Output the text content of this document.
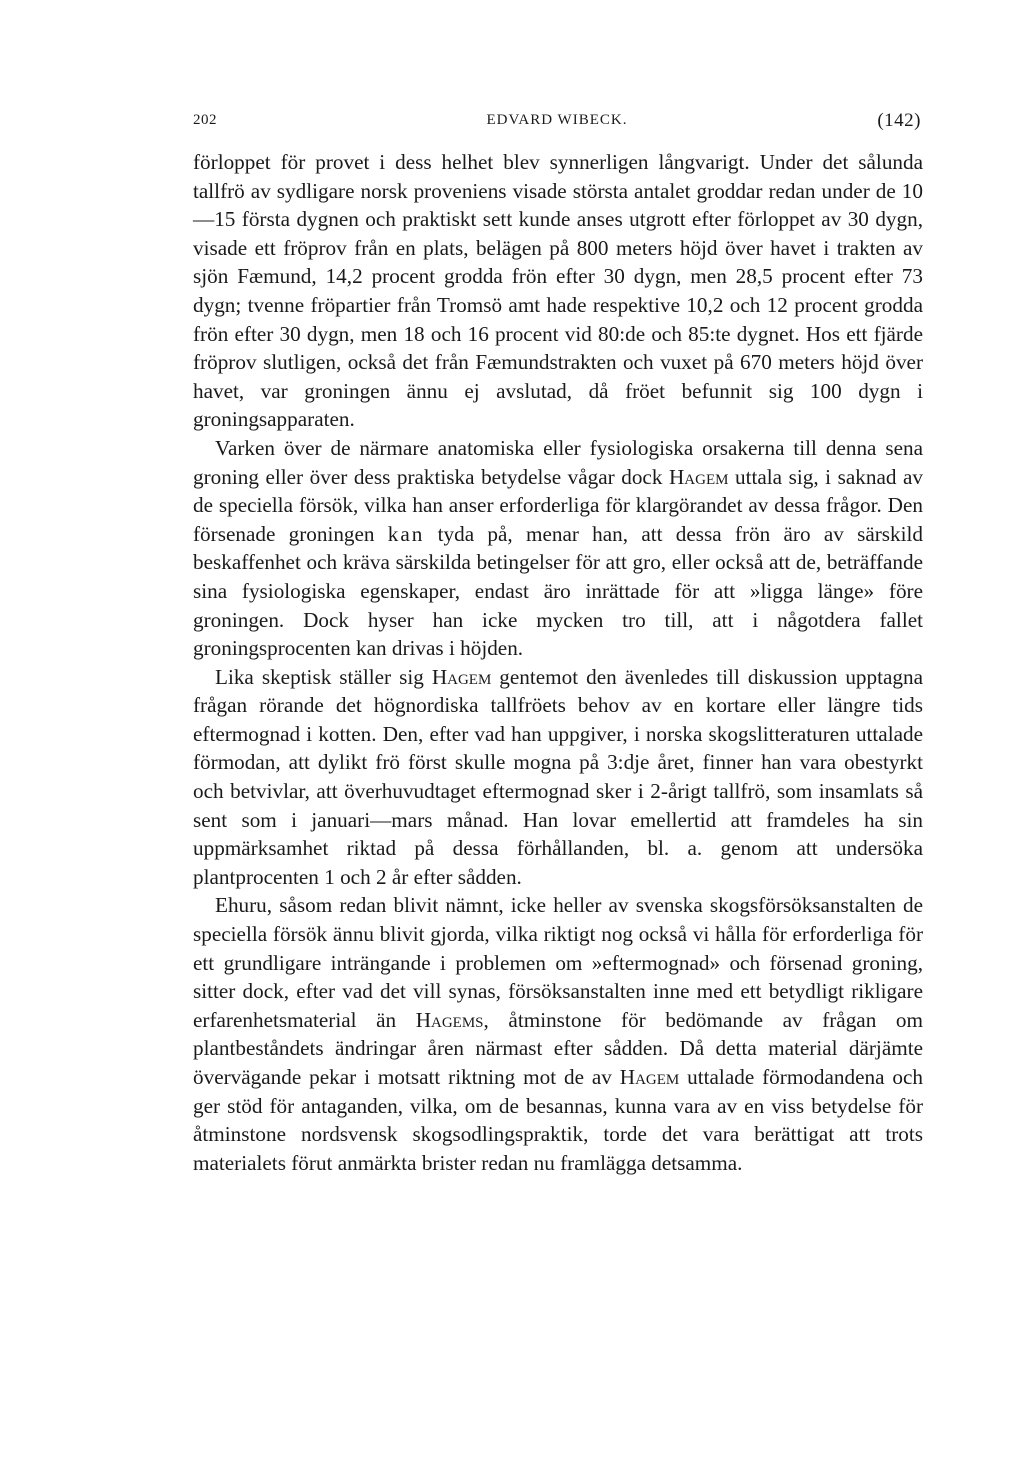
202	EDVARD WIBECK.	(142)

förloppet för provet i dess helhet blev synnerligen långvarigt. Under det sålunda tallfrö av sydligare norsk proveniens visade största antalet groddar redan under de 10—15 första dygnen och praktiskt sett kunde anses utgrott efter förloppet av 30 dygn, visade ett fröprov från en plats, belägen på 800 meters höjd över havet i trakten av sjön Fæmund, 14,2 procent grodda frön efter 30 dygn, men 28,5 procent efter 73 dygn; tvenne fröpartier från Tromsö amt hade respektive 10,2 och 12 procent grodda frön efter 30 dygn, men 18 och 16 procent vid 80:de och 85:te dygnet. Hos ett fjärde fröprov slutligen, också det från Fæmundstrakten och vuxet på 670 meters höjd över havet, var groningen ännu ej avslutad, då fröet befunnit sig 100 dygn i groningsapparaten.

Varken över de närmare anatomiska eller fysiologiska orsakerna till denna sena groning eller över dess praktiska betydelse vågar dock Hagem uttala sig, i saknad av de speciella försök, vilka han anser erforderliga för klargörandet av dessa frågor. Den försenade groningen kan tyda på, menar han, att dessa frön äro av särskild beskaffenhet och kräva särskilda betingelser för att gro, eller också att de, beträffande sina fysiologiska egenskaper, endast äro inrättade för att »ligga länge» före groningen. Dock hyser han icke mycken tro till, att i någotdera fallet groningsprocenten kan drivas i höjden.

Lika skeptisk ställer sig Hagem gentemot den ävenledes till diskussion upptagna frågan rörande det högnordiska tallfröets behov av en kortare eller längre tids eftermognad i kotten. Den, efter vad han uppgiver, i norska skogslitteraturen uttalade förmodan, att dylikt frö först skulle mogna på 3:dje året, finner han vara obestyrkt och betvivlar, att överhuvudtaget eftermognad sker i 2-årigt tallfrö, som insamlats så sent som i januari—mars månad. Han lovar emellertid att framdeles ha sin uppmärksamhet riktad på dessa förhållanden, bl. a. genom att undersöka plantprocenten 1 och 2 år efter sådden.

Ehuru, såsom redan blivit nämnt, icke heller av svenska skogsförsöksanstalten de speciella försök ännu blivit gjorda, vilka riktigt nog också vi hålla för erforderliga för ett grundligare inträngande i problemen om »eftermognad» och försenad groning, sitter dock, efter vad det vill synas, försöksanstalten inne med ett betydligt rikligare erfarenhetsmaterial än Hagems, åtminstone för bedömande av frågan om plantbeståndets ändringar åren närmast efter sådden. Då detta material därjämte övervägande pekar i motsatt riktning mot de av Hagem uttalade förmodandena och ger stöd för antaganden, vilka, om de besannas, kunna vara av en viss betydelse för åtminstone nordsvensk skogsodlingspraktik, torde det vara berättigat att trots materialets förut anmärkta brister redan nu framlägga detsamma.
